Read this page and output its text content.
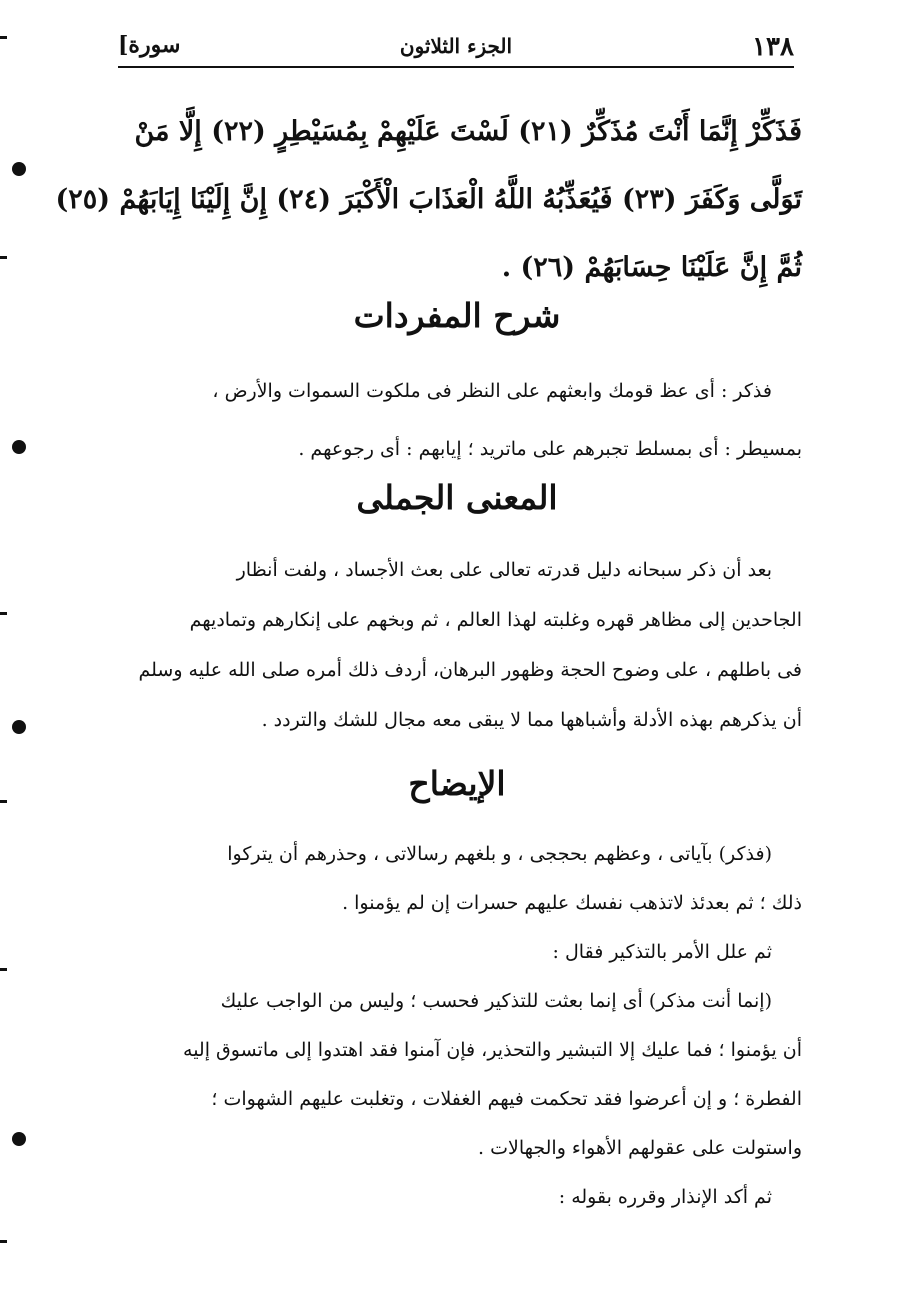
١٣٨
الجزء الثلاثون
[سورة
فَذَكِّرْ إِنَّمَا أَنْتَ مُذَكِّرٌ (٢١) لَسْتَ عَلَيْهِمْ بِمُسَيْطِرٍ (٢٢) إِلَّا مَنْ
تَوَلَّى وَكَفَرَ (٢٣) فَيُعَذِّبُهُ اللَّهُ الْعَذَابَ الْأَكْبَرَ (٢٤) إِنَّ إِلَيْنَا إِيَابَهُمْ (٢٥)
ثُمَّ إِنَّ عَلَيْنَا حِسَابَهُمْ (٢٦) .
شرح المفردات
فذكر : أى عظ قومك وابعثهم على النظر فى ملكوت السموات والأرض ،
بمسيطر : أى بمسلط تجبرهم على ماتريد ؛ إيابهم : أى رجوعهم .
المعنى الجملى
بعد أن ذكر سبحانه دليل قدرته تعالى على بعث الأجساد ، ولفت أنظار
الجاحدين إلى مظاهر قهره وغلبته لهذا العالم ، ثم وبخهم على إنكارهم وتماديهم
فى باطلهم ، على وضوح الحجة وظهور البرهان، أردف ذلك أمره صلى الله عليه وسلم
أن يذكرهم بهذه الأدلة وأشباهها مما لا يبقى معه مجال للشك والتردد .
الإيضاح
(فذكر) بآياتى ، وعظهم بحججى ، و بلغهم رسالاتى ، وحذرهم أن يتركوا
ذلك ؛ ثم بعدئذ لاتذهب نفسك عليهم حسرات إن لم يؤمنوا .
ثم علل الأمر بالتذكير فقال :
(إنما أنت مذكر) أى إنما بعثت للتذكير فحسب ؛ وليس من الواجب عليك
أن يؤمنوا ؛ فما عليك إلا التبشير والتحذير، فإن آمنوا فقد اهتدوا إلى ماتسوق إليه
الفطرة ؛ و إن أعرضوا فقد تحكمت فيهم الغفلات ، وتغلبت عليهم الشهوات ؛
واستولت على عقولهم الأهواء والجهالات .
ثم أكد الإنذار وقرره بقوله :
